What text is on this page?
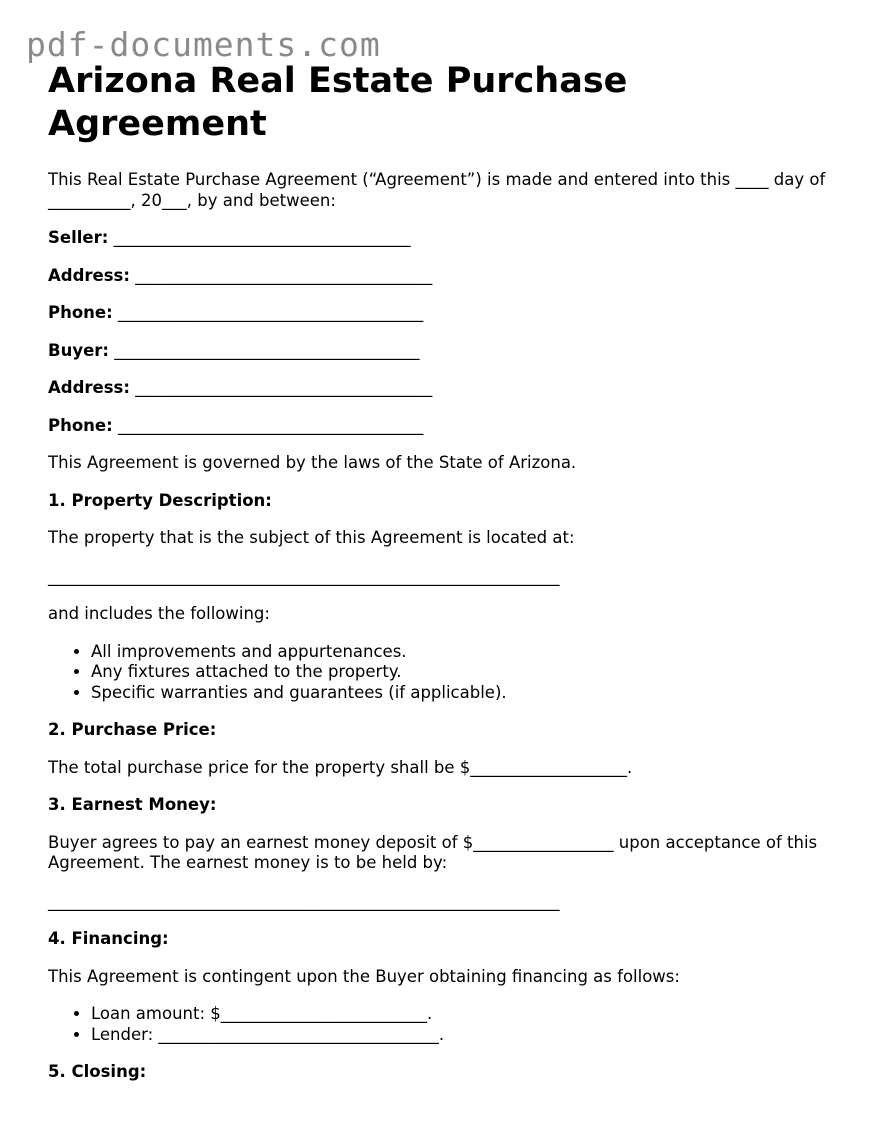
pdf-documents.com
Arizona Real Estate Purchase Agreement

This Real Estate Purchase Agreement (“Agreement”) is made and entered into this ____ day of __________, 20___, by and between:

Seller: ____________________________________

Address: ____________________________________

Phone: _____________________________________

Buyer: _____________________________________

Address: ____________________________________

Phone: _____________________________________

This Agreement is governed by the laws of the State of Arizona.

1. Property Description:

The property that is the subject of this Agreement is located at:

______________________________________________________________

and includes the following:

• All improvements and appurtenances.
• Any fixtures attached to the property.
• Specific warranties and guarantees (if applicable).

2. Purchase Price:

The total purchase price for the property shall be $___________________.

3. Earnest Money:

Buyer agrees to pay an earnest money deposit of $_________________ upon acceptance of this Agreement. The earnest money is to be held by:

______________________________________________________________

4. Financing:

This Agreement is contingent upon the Buyer obtaining financing as follows:

• Loan amount: $_________________________.
• Lender: __________________________________.

5. Closing:
